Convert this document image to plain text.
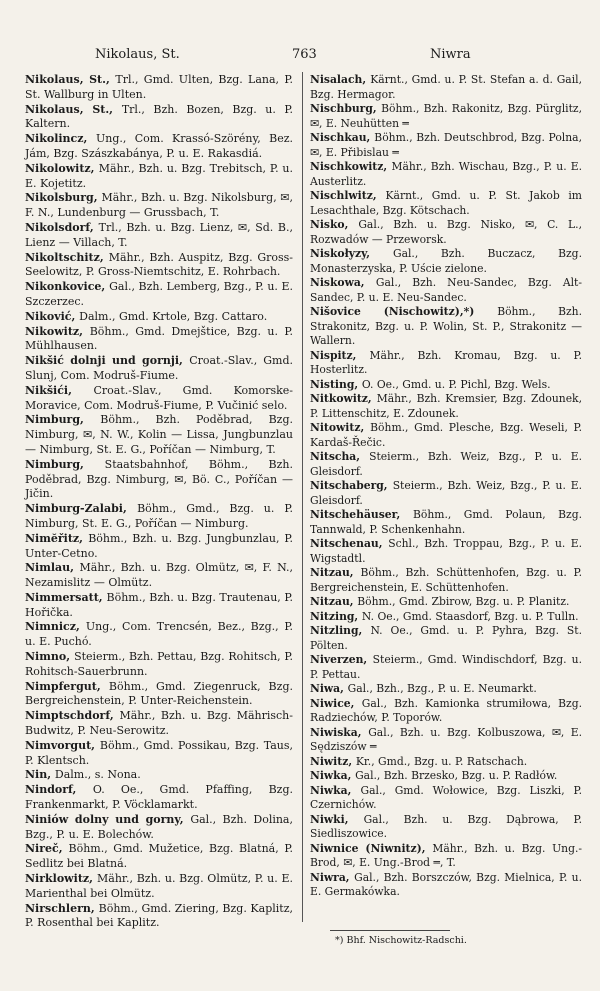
Nikolaus, St.	763	Niwra

Nikolaus, St., Trl., Gmd. Ulten, Bzg. Lana, P. St. Wallburg in Ulten.

Nikolaus, St., Trl., Bzh. Bozen, Bzg. u. P. Kaltern.

Nikolincz, Ung., Com. Krassó-Szörény, Bez. Jám, Bzg. Szászkabánya, P. u. E. Rakasdiá.

Nikolowitz, Mähr., Bzh. u. Bzg. Trebitsch, P. u. E. Kojetitz.

Nikolsburg, Mähr., Bzh. u. Bzg. Nikolsburg, ✉, F. N., Lundenburg — Grussbach, T.

Nikolsdorf, Trl., Bzh. u. Bzg. Lienz, ✉, Sd. B., Lienz — Villach, T.

Nikoltschitz, Mähr., Bzh. Auspitz, Bzg. Gross-Seelowitz, P. Gross-Niemtschitz, E. Rohrbach.

Nikonkovice, Gal., Bzh. Lemberg, Bzg., P. u. E. Szczerzec.

Niković, Dalm., Gmd. Krtole, Bzg. Cattaro.

Nikowitz, Böhm., Gmd. Dmejštice, Bzg. u. P. Mühlhausen.

Nikšić dolnji und gornji, Croat.-Slav., Gmd. Slunj, Com. Modruš-Fiume.

Nikšići, Croat.-Slav., Gmd. Komorske-Moravice, Com. Modruš-Fiume, P. Vučinić selo.

Nimburg, Böhm., Bzh. Poděbrad, Bzg. Nimburg, ✉, N. W., Kolin — Lissa, Jungbunzlau — Nimburg, St. E. G., Poříčan — Nimburg, T.

Nimburg, Staatsbahnhof, Böhm., Bzh. Poděbrad, Bzg. Nimburg, ✉, Bö. C., Poříčan — Jičin.

Nimburg-Zalabi, Böhm., Gmd., Bzg. u. P. Nimburg, St. E. G., Poříčan — Nimburg.

Nimĕřitz, Böhm., Bzh. u. Bzg. Jungbunzlau, P. Unter-Cetno.

Nimlau, Mähr., Bzh. u. Bzg. Olmütz, ✉, F. N., Nezamislitz — Olmütz.

Nimmersatt, Böhm., Bzh. u. Bzg. Trautenau, P. Hořička.

Nimnicz, Ung., Com. Trencsén, Bez., Bzg., P. u. E. Puchó.

Nimno, Steierm., Bzh. Pettau, Bzg. Rohitsch, P. Rohitsch-Sauerbrunn.

Nimpfergut, Böhm., Gmd. Ziegenruck, Bzg. Bergreichenstein, P. Unter-Reichenstein.

Nimptschdorf, Mähr., Bzh. u. Bzg. Mährisch-Budwitz, P. Neu-Serowitz.

Nimvorgut, Böhm., Gmd. Possikau, Bzg. Taus, P. Klentsch.

Nin, Dalm., s. Nona.

Nindorf, O. Oe., Gmd. Pfaffing, Bzg. Frankenmarkt, P. Vöcklamarkt.

Niniów dolny und gorny, Gal., Bzh. Dolina, Bzg., P. u. E. Bolechów.

Nireč, Böhm., Gmd. Mužetice, Bzg. Blatná, P. Sedlitz bei Blatná.

Nirklowitz, Mähr., Bzh. u. Bzg. Olmütz, P. u. E. Marienthal bei Olmütz.

Nirschlern, Böhm., Gmd. Ziering, Bzg. Kaplitz, P. Rosenthal bei Kaplitz.

Nisalach, Kärnt., Gmd. u. P. St. Stefan a. d. Gail, Bzg. Hermagor.

Nischburg, Böhm., Bzh. Rakonitz, Bzg. Pürglitz, ✉, E. Neuhütten ═

Nischkau, Böhm., Bzh. Deutschbrod, Bzg. Polna, ✉, E. Přibislau ═

Nischkowitz, Mähr., Bzh. Wischau, Bzg., P. u. E. Austerlitz.

Nischlwitz, Kärnt., Gmd. u. P. St. Jakob im Lesachthale, Bzg. Kötschach.

Nisko, Gal., Bzh. u. Bzg. Nisko, ✉, C. L., Rozwadów — Przeworsk.

Niskołyzy, Gal., Bzh. Buczacz, Bzg. Monasterzyska, P. Uście zielone.

Niskowa, Gal., Bzh. Neu-Sandec, Bzg. Alt-Sandec, P. u. E. Neu-Sandec.

Nišovice (Nischowitz),*) Böhm., Bzh. Strakonitz, Bzg. u. P. Wolin, St. P., Strakonitz — Wallern.

Nispitz, Mähr., Bzh. Kromau, Bzg. u. P. Hosterlitz.

Nisting, O. Oe., Gmd. u. P. Pichl, Bzg. Wels.

Nitkowitz, Mähr., Bzh. Kremsier, Bzg. Zdounek, P. Littenschitz, E. Zdounek.

Nitowitz, Böhm., Gmd. Plesche, Bzg. Weseli, P. Kardaš-Řečic.

Nitscha, Steierm., Bzh. Weiz, Bzg., P. u. E. Gleisdorf.

Nitschaberg, Steierm., Bzh. Weiz, Bzg., P. u. E. Gleisdorf.

Nitschehäuser, Böhm., Gmd. Polaun, Bzg. Tannwald, P. Schenkenhahn.

Nitschenau, Schl., Bzh. Troppau, Bzg., P. u. E. Wigstadtl.

Nitzau, Böhm., Bzh. Schüttenhofen, Bzg. u. P. Bergreichenstein, E. Schüttenhofen.

Nitzau, Böhm., Gmd. Zbirow, Bzg. u. P. Planitz.

Nitzing, N. Oe., Gmd. Staasdorf, Bzg. u. P. Tulln.

Nitzling, N. Oe., Gmd. u. P. Pyhra, Bzg. St. Pölten.

Niverzen, Steierm., Gmd. Windischdorf, Bzg. u. P. Pettau.

Niwa, Gal., Bzh., Bzg., P. u. E. Neumarkt.

Niwice, Gal., Bzh. Kamionka strumiłowa, Bzg. Radziechów, P. Toporów.

Niwiska, Gal., Bzh. u. Bzg. Kolbuszowa, ✉, E. Sędziszów ═

Niwitz, Kr., Gmd., Bzg. u. P. Ratschach.

Niwka, Gal., Bzh. Brzesko, Bzg. u. P. Radłów.

Niwka, Gal., Gmd. Wołowice, Bzg. Liszki, P. Czernichów.

Niwki, Gal., Bzh. u. Bzg. Dąbrowa, P. Siedliszowice.

Niwnice (Niwnitz), Mähr., Bzh. u. Bzg. Ung.-Brod, ✉, E. Ung.-Brod ═, T.

Niwra, Gal., Bzh. Borszczów, Bzg. Mielnica, P. u. E. Germakówka.

*) Bhf. Nischowitz-Radschi.
